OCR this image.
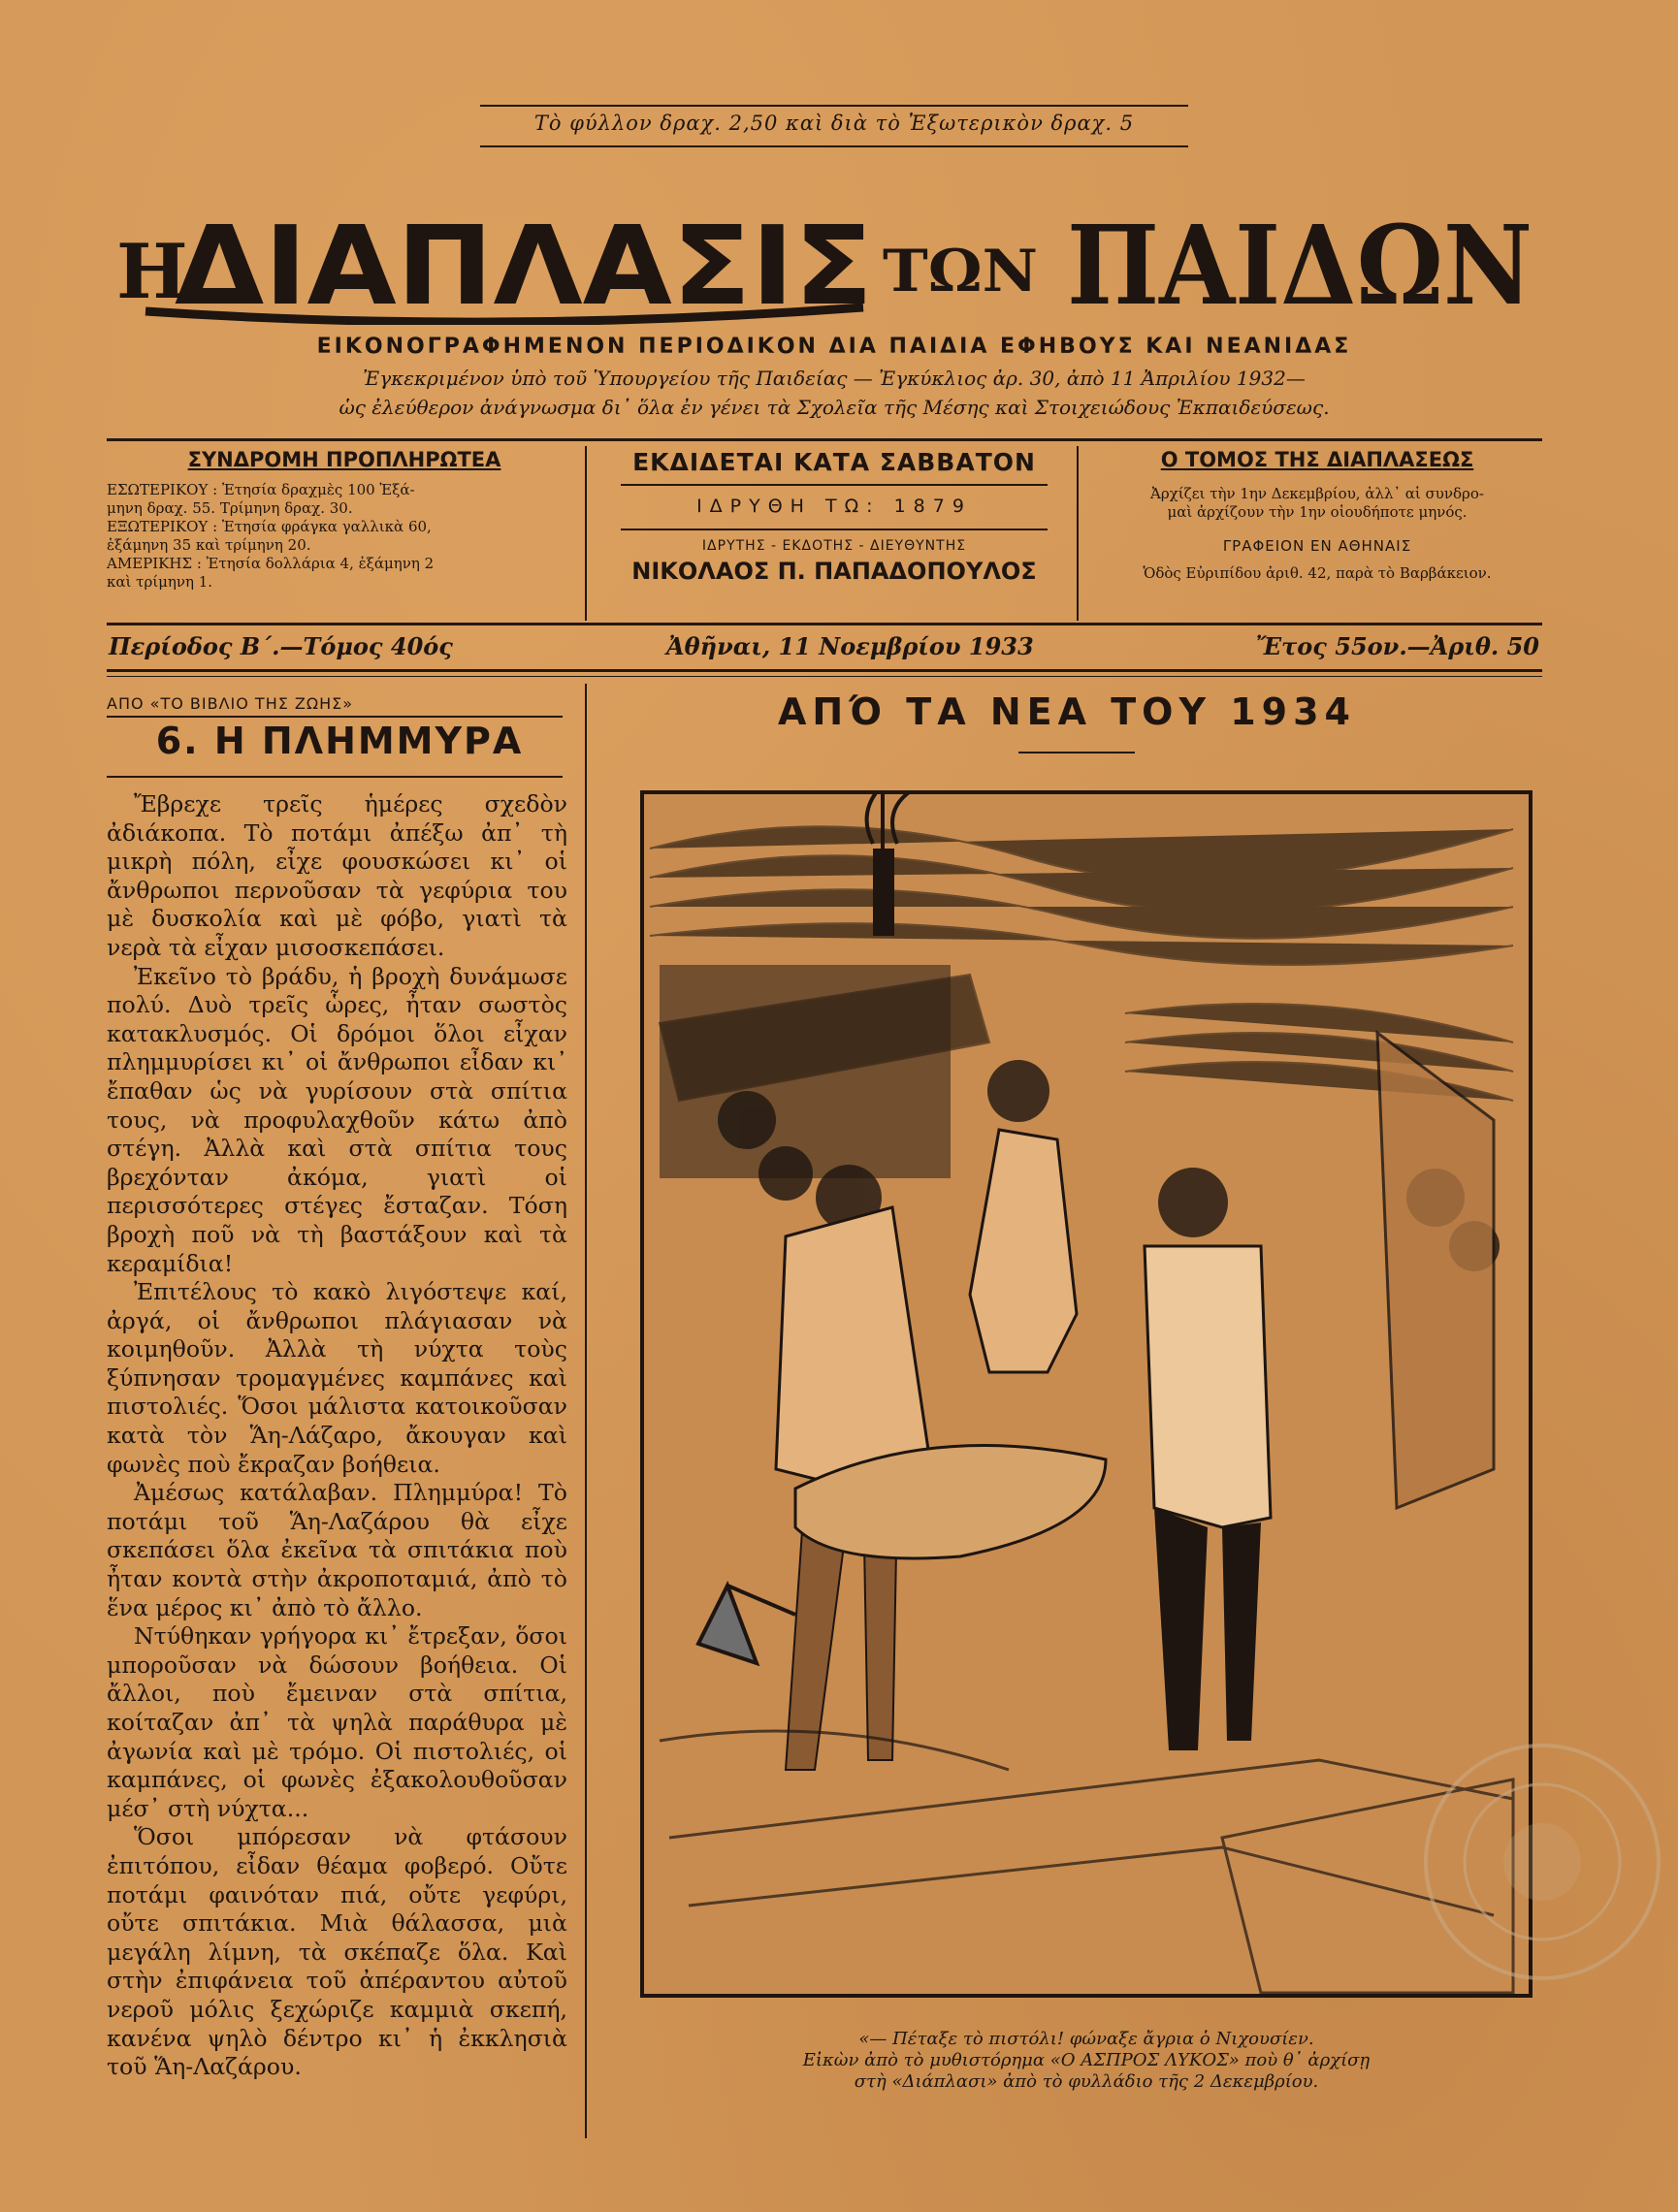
Τὸ φύλλον δραχ. 2,50 καὶ διὰ τὸ Ἐξωτερικὸν δραχ. 5
Η
ΔΙΑΠΛΑΣΙΣ ΤΩΝ ΠΑΙΔΩΝ
ΕΙΚΟΝΟΓΡΑΦΗΜΕΝΟΝ ΠΕΡΙΟΔΙΚΟΝ ΔΙΑ ΠΑΙΔΙΑ ΕΦΗΒΟΥΣ ΚΑΙ ΝΕΑΝΙΔΑΣ
Ἐγκεκριμένον ὑπὸ τοῦ Ὑπουργείου τῆς Παιδείας — Ἐγκύκλιος ἀρ. 30, ἀπὸ 11 Ἀπριλίου 1932—
ὡς ἐλεύθερον ἀνάγνωσμα δι᾽ ὅλα ἐν γένει τὰ Σχολεῖα τῆς Μέσης καὶ Στοιχειώδους Ἐκπαιδεύσεως.
ΣΥΝΔΡΟΜΗ ΠΡΟΠΛΗΡΩΤΕΑ
ΕΣΩΤΕΡΙΚΟΥ : Ἐτησία δραχμὲς 100 Ἑξά-
μηνη δραχ. 55. Τρίμηνη δραχ. 30.
ΕΞΩΤΕΡΙΚΟΥ : Ἐτησία φράγκα γαλλικὰ 60,
ἑξάμηνη 35 καὶ τρίμηνη 20.
ΑΜΕΡΙΚΗΣ : Ἐτησία δολλάρια 4, ἑξάμηνη 2
καὶ τρίμηνη 1.
ΕΚΔΙΔΕΤΑΙ ΚΑΤΑ ΣΑΒΒΑΤΟΝ
ΙΔΡΥΘΗ ΤΩ: 1879
ΙΔΡΥΤΗΣ - ΕΚΔΟΤΗΣ - ΔΙΕΥΘΥΝΤΗΣ
ΝΙΚΟΛΑΟΣ Π. ΠΑΠΑΔΟΠΟΥΛΟΣ
Ο ΤΟΜΟΣ ΤΗΣ ΔΙΑΠΛΑΣΕΩΣ
Ἀρχίζει τὴν 1ην Δεκεμβρίου, ἀλλ᾽ αἱ συνδρο-
μαὶ ἀρχίζουν τὴν 1ην οἱουδήποτε μηνός.
ΓΡΑΦΕΙΟΝ ΕΝ ΑΘΗΝΑΙΣ
Ὁδὸς Εὐριπίδου ἀριθ. 42, παρὰ τὸ Βαρβάκειον.
Περίοδος Β΄.—Τόμος 40ός	Ἀθῆναι, 11 Νοεμβρίου 1933	Ἔτος 55ον.—Ἀριθ. 50
ΑΠΟ «ΤΟ ΒΙΒΛΙΟ ΤΗΣ ΖΩΗΣ»
6. Η ΠΛΗΜΜΥΡΑ

Ἔβρεχε τρεῖς ἡμέρες σχεδὸν ἀδιάκοπα. Τὸ ποτάμι ἀπέξω ἀπ᾽ τὴ μικρὴ πόλη, εἶχε φουσκώσει κι᾽ οἱ ἄνθρωποι περνοῦσαν τὰ γεφύρια του μὲ δυσκολία καὶ μὲ φόβο, γιατὶ τὰ νερὰ τὰ εἶχαν μισοσκεπάσει.

Ἐκεῖνο τὸ βράδυ, ἡ βροχὴ δυνάμωσε πολύ. Δυὸ τρεῖς ὧρες, ἦταν σωστὸς κατακλυσμός. Οἱ δρόμοι ὅλοι εἶχαν πλημμυρίσει κι᾽ οἱ ἄνθρωποι εἶδαν κι᾽ ἔπαθαν ὡς νὰ γυρίσουν στὰ σπίτια τους, νὰ προφυλαχθοῦν κάτω ἀπὸ στέγη. Ἀλλὰ καὶ στὰ σπίτια τους βρεχόνταν ἀκόμα, γιατὶ οἱ περισσότερες στέγες ἔσταζαν. Τόση βροχὴ ποῦ νὰ τὴ βαστάξουν καὶ τὰ κεραμίδια!

Ἐπιτέλους τὸ κακὸ λιγόστεψε καί, ἀργά, οἱ ἄνθρωποι πλάγιασαν νὰ κοιμηθοῦν. Ἀλλὰ τὴ νύχτα τοὺς ξύπνησαν τρομαγμένες καμπάνες καὶ πιστολιές. Ὅσοι μάλιστα κατοικοῦσαν κατὰ τὸν Ἅη-Λάζαρο, ἄκουγαν καὶ φωνὲς ποὺ ἔκραζαν βοήθεια.

Ἀμέσως κατάλαβαν. Πλημμύρα! Τὸ ποτάμι τοῦ Ἅη-Λαζάρου θὰ εἶχε σκεπάσει ὅλα ἐκεῖνα τὰ σπιτάκια ποὺ ἦταν κοντὰ στὴν ἀκροποταμιά, ἀπὸ τὸ ἕνα μέρος κι᾽ ἀπὸ τὸ ἄλλο.

Ντύθηκαν γρήγορα κι᾽ ἔτρεξαν, ὅσοι μποροῦσαν νὰ δώσουν βοήθεια. Οἱ ἄλλοι, ποὺ ἔμειναν στὰ σπίτια, κοίταζαν ἀπ᾽ τὰ ψηλὰ παράθυρα μὲ ἀγωνία καὶ μὲ τρόμο. Οἱ πιστολιές, οἱ καμπάνες, οἱ φωνὲς ἐξακολουθοῦσαν μέσ᾽ στὴ νύχτα...

Ὅσοι μπόρεσαν νὰ φτάσουν ἐπιτόπου, εἶδαν θέαμα φοβερό. Οὔτε ποτάμι φαινόταν πιά, οὔτε γεφύρι, οὔτε σπιτάκια. Μιὰ θάλασσα, μιὰ μεγάλη λίμνη, τὰ σκέπαζε ὅλα. Καὶ στὴν ἐπιφάνεια τοῦ ἀπέραντου αὐτοῦ νεροῦ μόλις ξεχώριζε καμμιὰ σκεπή, κανένα ψηλὸ δέντρο κι᾽ ἡ ἐκκλησιὰ τοῦ Ἅη-Λαζάρου.

ΑΠΌ ΤΑ ΝΕΑ ΤΟΥ 1934
«— Πέταξε τὸ πιστόλι! φώναξε ἄγρια ὁ Νιχουσίεν.
Εἰκὼν ἀπὸ τὸ μυθιστόρημα «Ο ΑΣΠΡΟΣ ΛΥΚΟΣ» ποὺ θ᾽ ἀρχίσῃ
στὴ «Διάπλασι» ἀπὸ τὸ φυλλάδιο τῆς 2 Δεκεμβρίου.
